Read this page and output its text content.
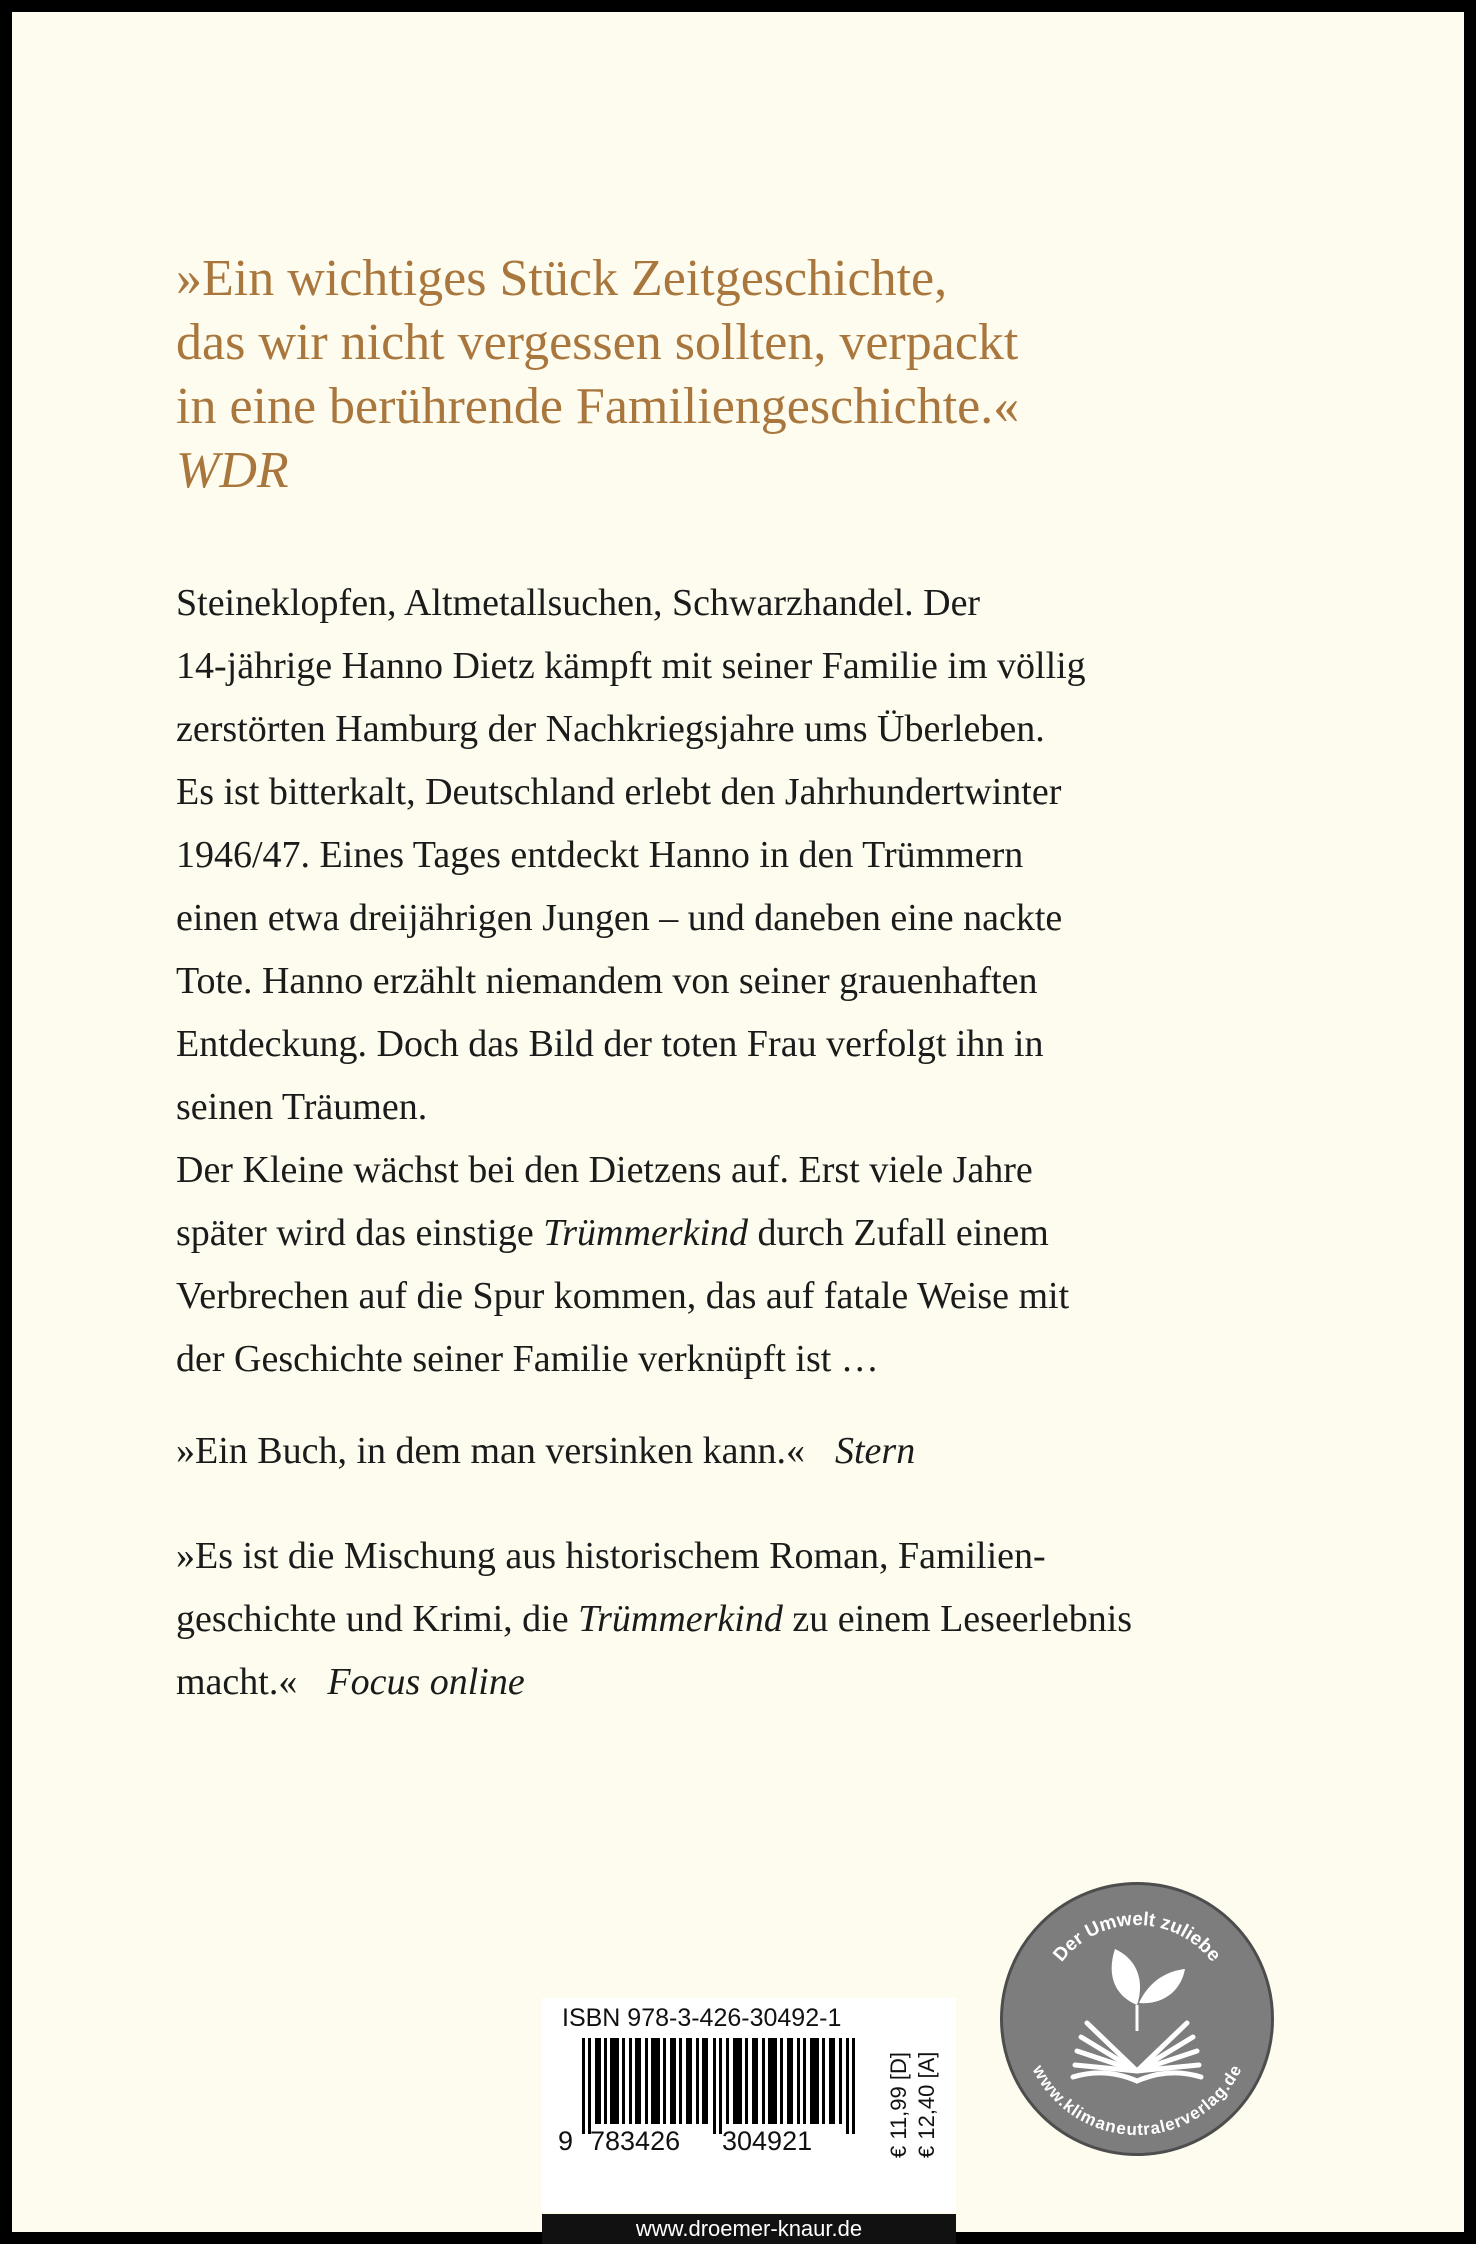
»Ein wichtiges Stück Zeitgeschichte,
das wir nicht vergessen sollten, verpackt
in eine berührende Familiengeschichte.«
WDR
Steineklopfen, Altmetallsuchen, Schwarzhandel. Der
14-jährige Hanno Dietz kämpft mit seiner Familie im völlig
zerstörten Hamburg der Nachkriegsjahre ums Überleben.
Es ist bitterkalt, Deutschland erlebt den Jahrhundertwinter
1946/47. Eines Tages entdeckt Hanno in den Trümmern
einen etwa dreijährigen Jungen – und daneben eine nackte
Tote. Hanno erzählt niemandem von seiner grauenhaften
Entdeckung. Doch das Bild der toten Frau verfolgt ihn in
seinen Träumen.
Der Kleine wächst bei den Dietzens auf. Erst viele Jahre
später wird das einstige Trümmerkind durch Zufall einem
Verbrechen auf die Spur kommen, das auf fatale Weise mit
der Geschichte seiner Familie verknüpft ist …
»Ein Buch, in dem man versinken kann.« Stern
»Es ist die Mischung aus historischem Roman, Familien-
geschichte und Krimi, die Trümmerkind zu einem Leseerlebnis
macht.« Focus online
Der Umwelt zuliebe
www.klimaneutralerverlag.de
ISBN 978-3-426-30492-1
9 783426 304921	€ 11,99 [D] € 12,40 [A]
www.droemer-knaur.de
